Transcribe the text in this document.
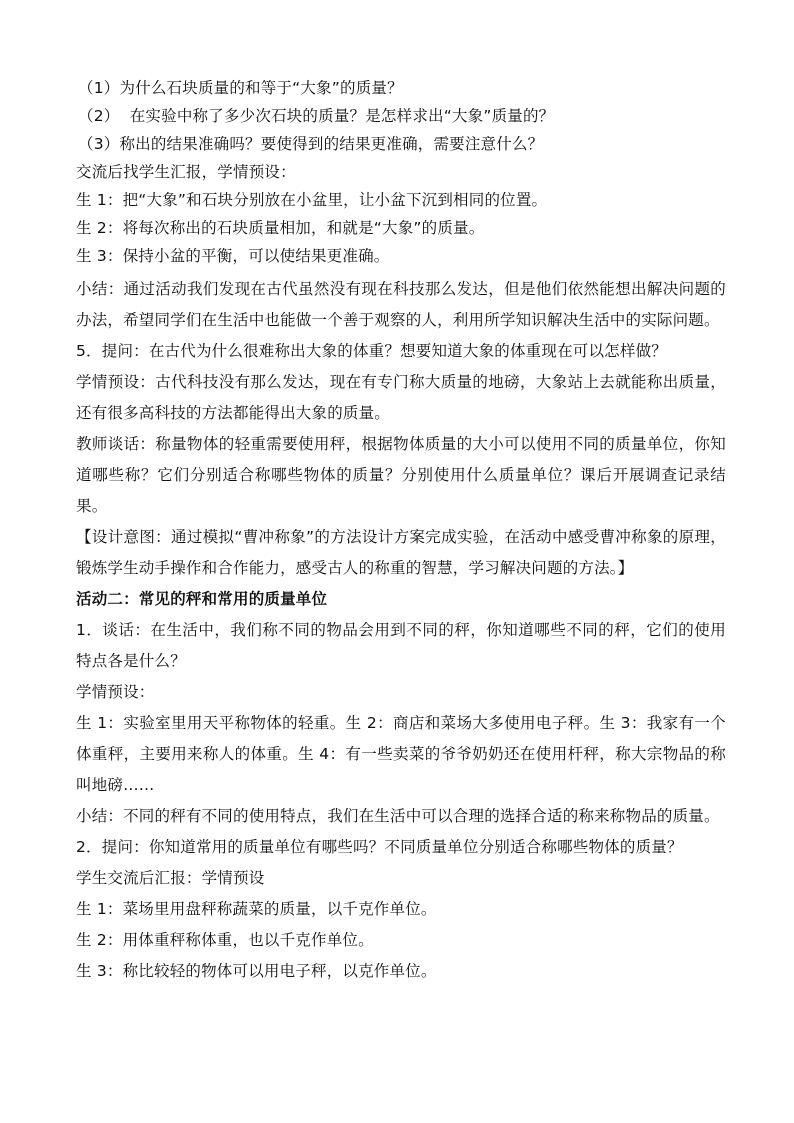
（1）为什么石块质量的和等于“大象”的质量？

（2）  在实验中称了多少次石块的质量？是怎样求出“大象”质量的？

（3）称出的结果准确吗？要使得到的结果更准确，需要注意什么？

交流后找学生汇报，学情预设：

生 1：把“大象”和石块分别放在小盆里，让小盆下沉到相同的位置。

生 2：将每次称出的石块质量相加，和就是“大象”的质量。

生 3：保持小盆的平衡，可以使结果更准确。

小结：通过活动我们发现在古代虽然没有现在科技那么发达，但是他们依然能想出解决问题的办法，希望同学们在生活中也能做一个善于观察的人，利用所学知识解决生活中的实际问题。

5．提问：在古代为什么很难称出大象的体重？想要知道大象的体重现在可以怎样做？

学情预设：古代科技没有那么发达，现在有专门称大质量的地磅，大象站上去就能称出质量，还有很多高科技的方法都能得出大象的质量。

教师谈话：称量物体的轻重需要使用秤，根据物体质量的大小可以使用不同的质量单位，你知道哪些称？它们分别适合称哪些物体的质量？分别使用什么质量单位？课后开展调查记录结果。

【设计意图：通过模拟“曹冲称象”的方法设计方案完成实验，在活动中感受曹冲称象的原理，锻炼学生动手操作和合作能力，感受古人的称重的智慧，学习解决问题的方法。】

活动二：常见的秤和常用的质量单位

1．谈话：在生活中，我们称不同的物品会用到不同的秤，你知道哪些不同的秤，它们的使用特点各是什么？

学情预设：

生 1：实验室里用天平称物体的轻重。生 2：商店和菜场大多使用电子秤。生 3：我家有一个体重秤，主要用来称人的体重。生 4：有一些卖菜的爷爷奶奶还在使用杆秤，称大宗物品的称叫地磅……

小结：不同的秤有不同的使用特点，我们在生活中可以合理的选择合适的称来称物品的质量。

2．提问：你知道常用的质量单位有哪些吗？不同质量单位分别适合称哪些物体的质量？

学生交流后汇报：学情预设

生 1：菜场里用盘秤称蔬菜的质量，以千克作单位。

生 2：用体重秤称体重，也以千克作单位。

生 3：称比较轻的物体可以用电子秤，以克作单位。
